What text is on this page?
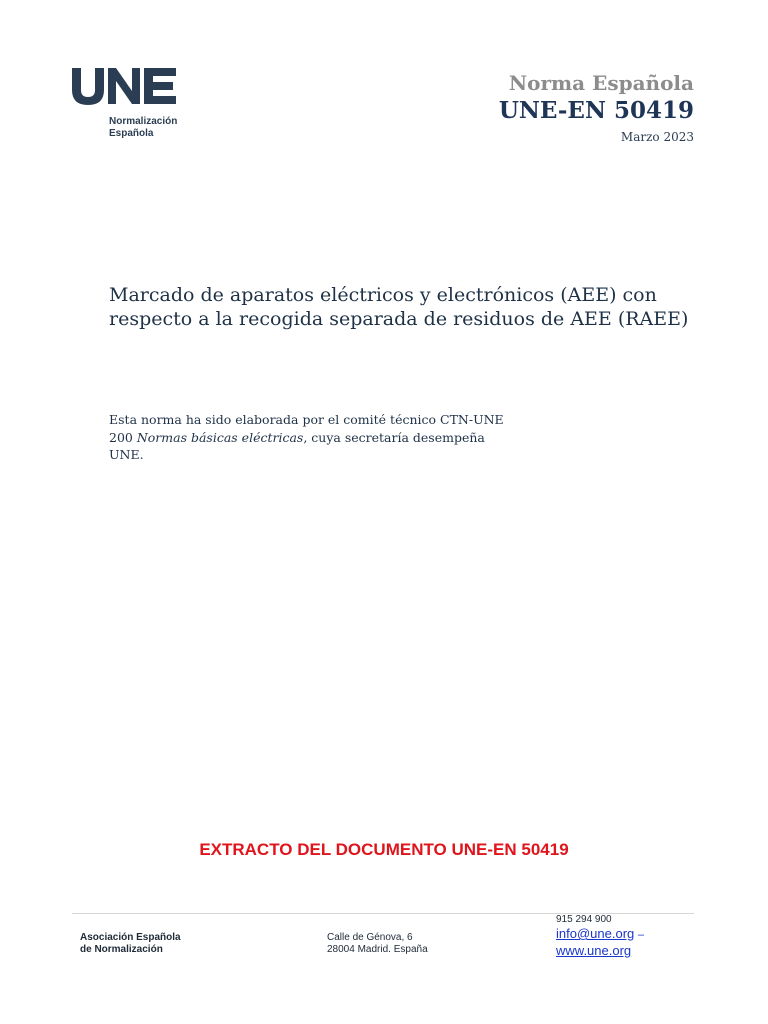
Normalización
Española
Norma Española
UNE-EN 50419
Marzo 2023
Marcado de aparatos eléctricos y electrónicos (AEE) con respecto a la recogida separada de residuos de AEE (RAEE)
Esta norma ha sido elaborada por el comité técnico CTN-UNE 200 Normas básicas eléctricas, cuya secretaría desempeña UNE.
EXTRACTO DEL DOCUMENTO UNE-EN 50419
Asociación Española
de Normalización
Calle de Génova, 6
28004 Madrid. España
915 294 900
info@une.org –
www.une.org
